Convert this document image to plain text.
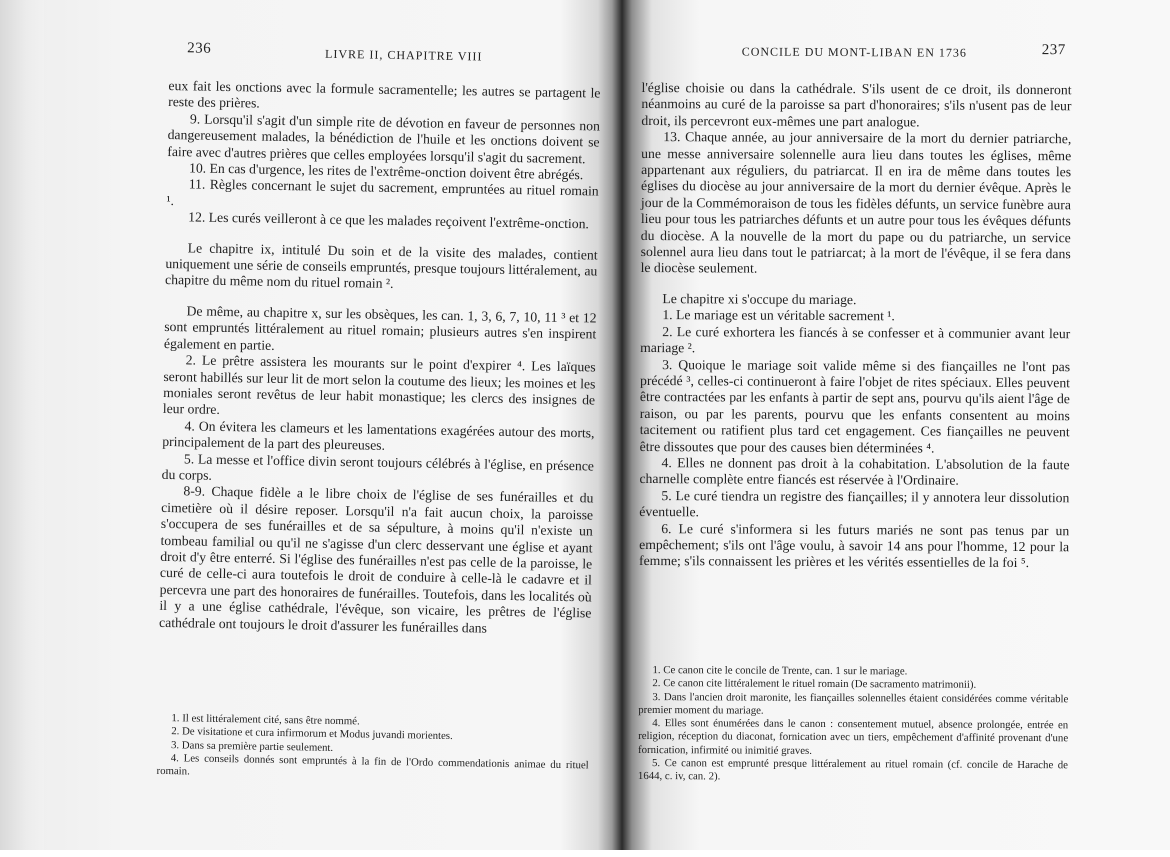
236	LIVRE II, CHAPITRE VIII

eux fait les onctions avec la formule sacramentelle; les autres se partagent le reste des prières.

9. Lorsqu'il s'agit d'un simple rite de dévotion en faveur de personnes non dangereusement malades, la bénédiction de l'huile et les onctions doivent se faire avec d'autres prières que celles employées lorsqu'il s'agit du sacrement.

10. En cas d'urgence, les rites de l'extrême-onction doivent être abrégés.

11. Règles concernant le sujet du sacrement, empruntées au rituel romain ¹.

12. Les curés veilleront à ce que les malades reçoivent l'extrême-onction.

Le chapitre ix, intitulé Du soin et de la visite des malades, contient uniquement une série de conseils empruntés, presque toujours littéralement, au chapitre du même nom du rituel romain ².

De même, au chapitre x, sur les obsèques, les can. 1, 3, 6, 7, 10, 11 ³ et 12 sont empruntés littéralement au rituel romain; plusieurs autres s'en inspirent également en partie.

2. Le prêtre assistera les mourants sur le point d'expirer ⁴. Les laïques seront habillés sur leur lit de mort selon la coutume des lieux; les moines et les moniales seront revêtus de leur habit monastique; les clercs des insignes de leur ordre.

4. On évitera les clameurs et les lamentations exagérées autour des morts, principalement de la part des pleureuses.

5. La messe et l'office divin seront toujours célébrés à l'église, en présence du corps.

8-9. Chaque fidèle a le libre choix de l'église de ses funérailles et du cimetière où il désire reposer. Lorsqu'il n'a fait aucun choix, la paroisse s'occupera de ses funérailles et de sa sépulture, à moins qu'il n'existe un tombeau familial ou qu'il ne s'agisse d'un clerc desservant une église et ayant droit d'y être enterré. Si l'église des funérailles n'est pas celle de la paroisse, le curé de celle-ci aura toutefois le droit de conduire à celle-là le cadavre et il percevra une part des honoraires de funérailles. Toutefois, dans les localités où il y a une église cathédrale, l'évêque, son vicaire, les prêtres de l'église cathédrale ont toujours le droit d'assurer les funérailles dans

1. Il est littéralement cité, sans être nommé.

2. De visitatione et cura infirmorum et Modus juvandi morientes.

3. Dans sa première partie seulement.

4. Les conseils donnés sont empruntés à la fin de l'Ordo commendationis animae du rituel romain.

CONCILE DU MONT-LIBAN EN 1736	237

l'église choisie ou dans la cathédrale. S'ils usent de ce droit, ils donneront néanmoins au curé de la paroisse sa part d'honoraires; s'ils n'usent pas de leur droit, ils percevront eux-mêmes une part analogue.

13. Chaque année, au jour anniversaire de la mort du dernier patriarche, une messe anniversaire solennelle aura lieu dans toutes les églises, même appartenant aux réguliers, du patriarcat. Il en ira de même dans toutes les églises du diocèse au jour anniversaire de la mort du dernier évêque. Après le jour de la Commémoraison de tous les fidèles défunts, un service funèbre aura lieu pour tous les patriarches défunts et un autre pour tous les évêques défunts du diocèse. A la nouvelle de la mort du pape ou du patriarche, un service solennel aura lieu dans tout le patriarcat; à la mort de l'évêque, il se fera dans le diocèse seulement.

Le chapitre xi s'occupe du mariage.

1. Le mariage est un véritable sacrement ¹.

2. Le curé exhortera les fiancés à se confesser et à communier avant leur mariage ².

3. Quoique le mariage soit valide même si des fiançailles ne l'ont pas précédé ³, celles-ci continueront à faire l'objet de rites spéciaux. Elles peuvent être contractées par les enfants à partir de sept ans, pourvu qu'ils aient l'âge de raison, ou par les parents, pourvu que les enfants consentent au moins tacitement ou ratifient plus tard cet engagement. Ces fiançailles ne peuvent être dissoutes que pour des causes bien déterminées ⁴.

4. Elles ne donnent pas droit à la cohabitation. L'absolution de la faute charnelle complète entre fiancés est réservée à l'Ordinaire.

5. Le curé tiendra un registre des fiançailles; il y annotera leur dissolution éventuelle.

6. Le curé s'informera si les futurs mariés ne sont pas tenus par un empêchement; s'ils ont l'âge voulu, à savoir 14 ans pour l'homme, 12 pour la femme; s'ils connaissent les prières et les vérités essentielles de la foi ⁵.

1. Ce canon cite le concile de Trente, can. 1 sur le mariage.

2. Ce canon cite littéralement le rituel romain (De sacramento matrimonii).

3. Dans l'ancien droit maronite, les fiançailles solennelles étaient considérées comme véritable premier moment du mariage.

4. Elles sont énumérées dans le canon : consentement mutuel, absence prolongée, entrée en religion, réception du diaconat, fornication avec un tiers, empêchement d'affinité provenant d'une fornication, infirmité ou inimitié graves.

5. Ce canon est emprunté presque littéralement au rituel romain (cf. concile de Harache de 1644, c. iv, can. 2).
